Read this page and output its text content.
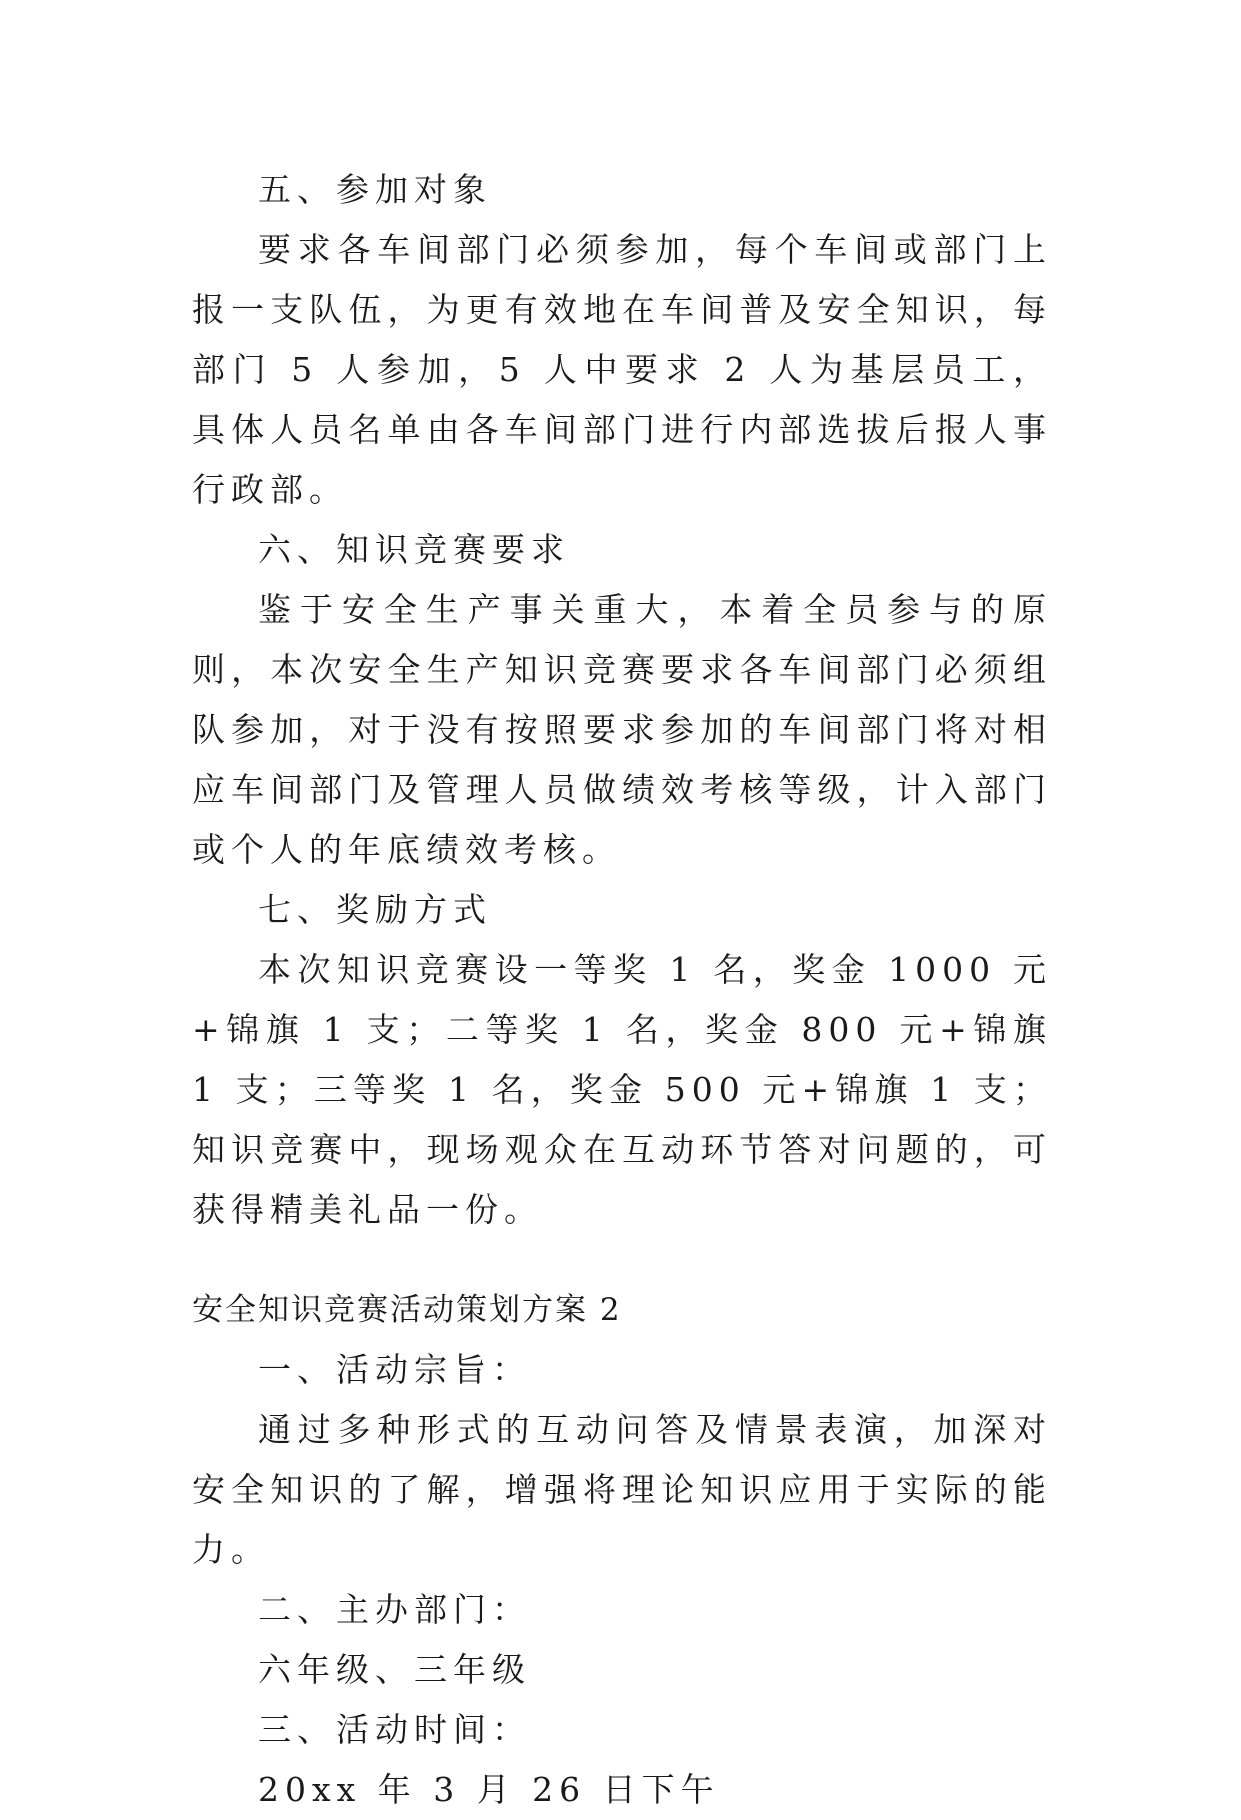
五、参加对象

要求各车间部门必须参加，每个车间或部门上报一支队伍，为更有效地在车间普及安全知识，每部门 5 人参加，5 人中要求 2 人为基层员工，具体人员名单由各车间部门进行内部选拔后报人事行政部。

六、知识竞赛要求

鉴于安全生产事关重大，本着全员参与的原则，本次安全生产知识竞赛要求各车间部门必须组队参加，对于没有按照要求参加的车间部门将对相应车间部门及管理人员做绩效考核等级，计入部门或个人的年底绩效考核。

七、奖励方式

本次知识竞赛设一等奖 1 名，奖金 1000 元+锦旗 1 支；二等奖 1 名，奖金 800 元+锦旗 1 支；三等奖 1 名，奖金 500 元+锦旗 1 支；知识竞赛中，现场观众在互动环节答对问题的，可获得精美礼品一份。

安全知识竞赛活动策划方案 2

一、活动宗旨：

通过多种形式的互动问答及情景表演，加深对安全知识的了解，增强将理论知识应用于实际的能力。

二、主办部门：

六年级、三年级

三、活动时间：

20xx 年 3 月 26 日下午
